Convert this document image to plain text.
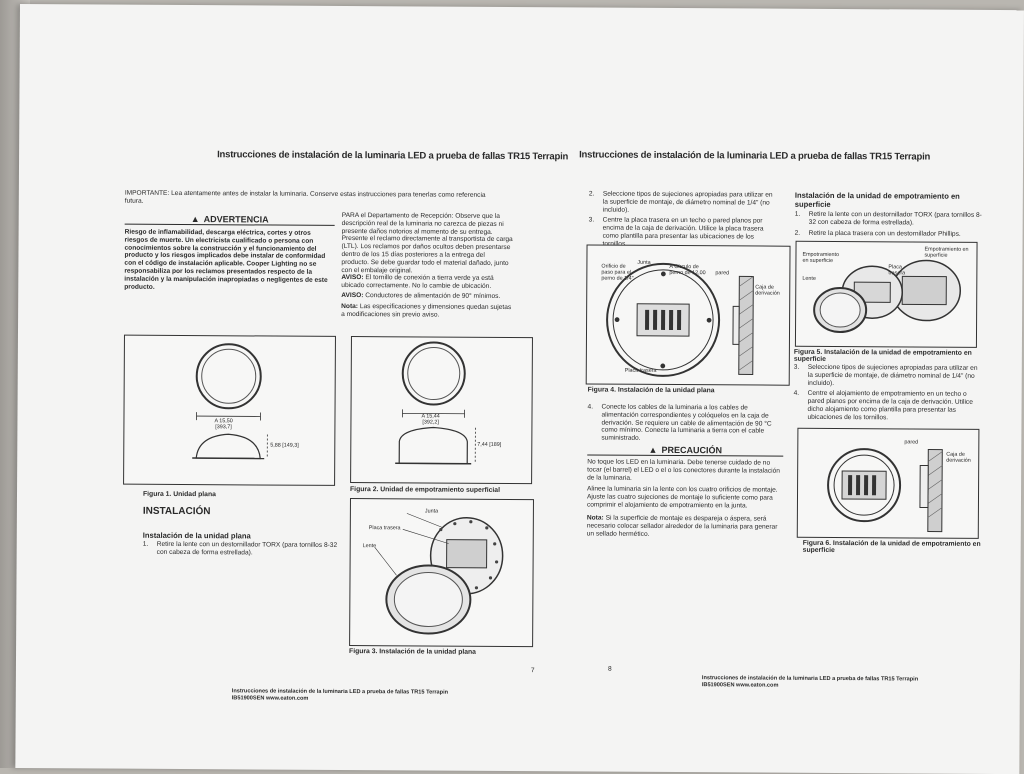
Instrucciones de instalación de la luminaria LED a prueba de fallas TR15 Terrapin
IMPORTANTE: Lea atentamente antes de instalar la luminaria. Conserve estas instrucciones para tenerlas como referencia futura.
▲ ADVERTENCIA
Riesgo de inflamabilidad, descarga eléctrica, cortes y otros riesgos de muerte. Un electricista cualificado o persona con conocimientos sobre la construcción y el funcionamiento del producto y los riesgos implicados debe instalar de conformidad con el código de instalación aplicable. Cooper Lighting no se responsabiliza por los reclamos presentados respecto de la instalación y la manipulación inapropiadas o negligentes de este producto.
PARA el Departamento de Recepción: Observe que la descripción real de la luminaria no carezca de piezas ni presente daños notorios al momento de su entrega. Presente el reclamo directamente al transportista de carga (LTL). Los reclamos por daños ocultos deben presentarse dentro de los 15 días posteriores a la entrega del producto. Se debe guardar todo el material dañado, junto con el embalaje original.
AVISO: El tornillo de conexión a tierra verde ya está ubicado correctamente. No lo cambie de ubicación.
AVISO: Conductores de alimentación de 90° mínimos.
Nota: Las especificaciones y dimensiones quedan sujetas a modificaciones sin previo aviso.
A 15,50
[393,7]
5,88 [149,3]
Figura 1. Unidad plana
A 15,44
[392,2]
7,44 [189]
Figura 2. Unidad de empotramiento superficial
INSTALACIÓN
Instalación de la unidad plana
1.	Retire la lente con un destornillador TORX (para tornillos 8-32 con cabeza de forma estrellada).
Junta
Placa trasera
Lente
Figura 3. Instalación de la unidad plana
7
Instrucciones de instalación de la luminaria LED a prueba de fallas TR15 Terrapin
IB51900SEN www.eaton.com
Instrucciones de instalación de la luminaria LED a prueba de fallas TR15 Terrapin
2.	Seleccione tipos de sujeciones apropiadas para utilizar en la superficie de montaje, de diámetro nominal de 1/4" (no incluido).
3.	Centre la placa trasera en un techo o pared planos por encima de la caja de derivación. Utilice la placa trasera como plantilla para presentar las ubicaciones de los
Orificio de paso para el perno de 1/4"
Junta
A Círculo de perno de 12,00	pared
Caja de derivación
Placa trasera
Figura 4. Instalación de la unidad plana
4.	Conecte los cables de la luminaria a los cables de alimentación correspondientes y colóquelos en la caja de derivación. Se requiere un cable de alimentación de 90 °C como mínimo. Conecte la luminaria a tierra con el cable suministrado.
▲ PRECAUCIÓN
No toque los LED en la luminaria. Debe tenerse cuidado de no tocar (el barrel) el LED o el o los conectores durante la instalación de la luminaria.
Alinee la luminaria sin la lente con los cuatro orificios de montaje. Ajuste las cuatro sujeciones de montaje lo suficiente como para comprimir el alojamiento de empotramiento en la junta.
Nota: Si la superficie de montaje es despareja o áspera, será necesario colocar sellador alrededor de la luminaria para generar un sellado hermético.
Instalación de la unidad de empotramiento en superficie
1.	Retire la lente con un destornillador TORX (para tornillos 8-32 con cabeza de forma estrellada).
2.	Retire la placa trasera con un destornillador Phillips.
Empotramiento en superficie
Empotramiento en superficie
Placa trasera
Lente
Figura 5. Instalación de la unidad de empotramiento en superficie
3.	Seleccione tipos de sujeciones apropiadas para utilizar en la superficie de montaje, de diámetro nominal de 1/4" (no incluido).
4.	Centre el alojamiento de empotramiento en un techo o pared planos por encima de la caja de derivación. Utilice dicho alojamiento como plantilla para presentar las ubicaciones de los tornillos.
pared
Caja de derivación
Figura 6. Instalación de la unidad de empotramiento en superficie
8
Instrucciones de instalación de la luminaria LED a prueba de fallas TR15 Terrapin
IB51900SEN www.eaton.com
